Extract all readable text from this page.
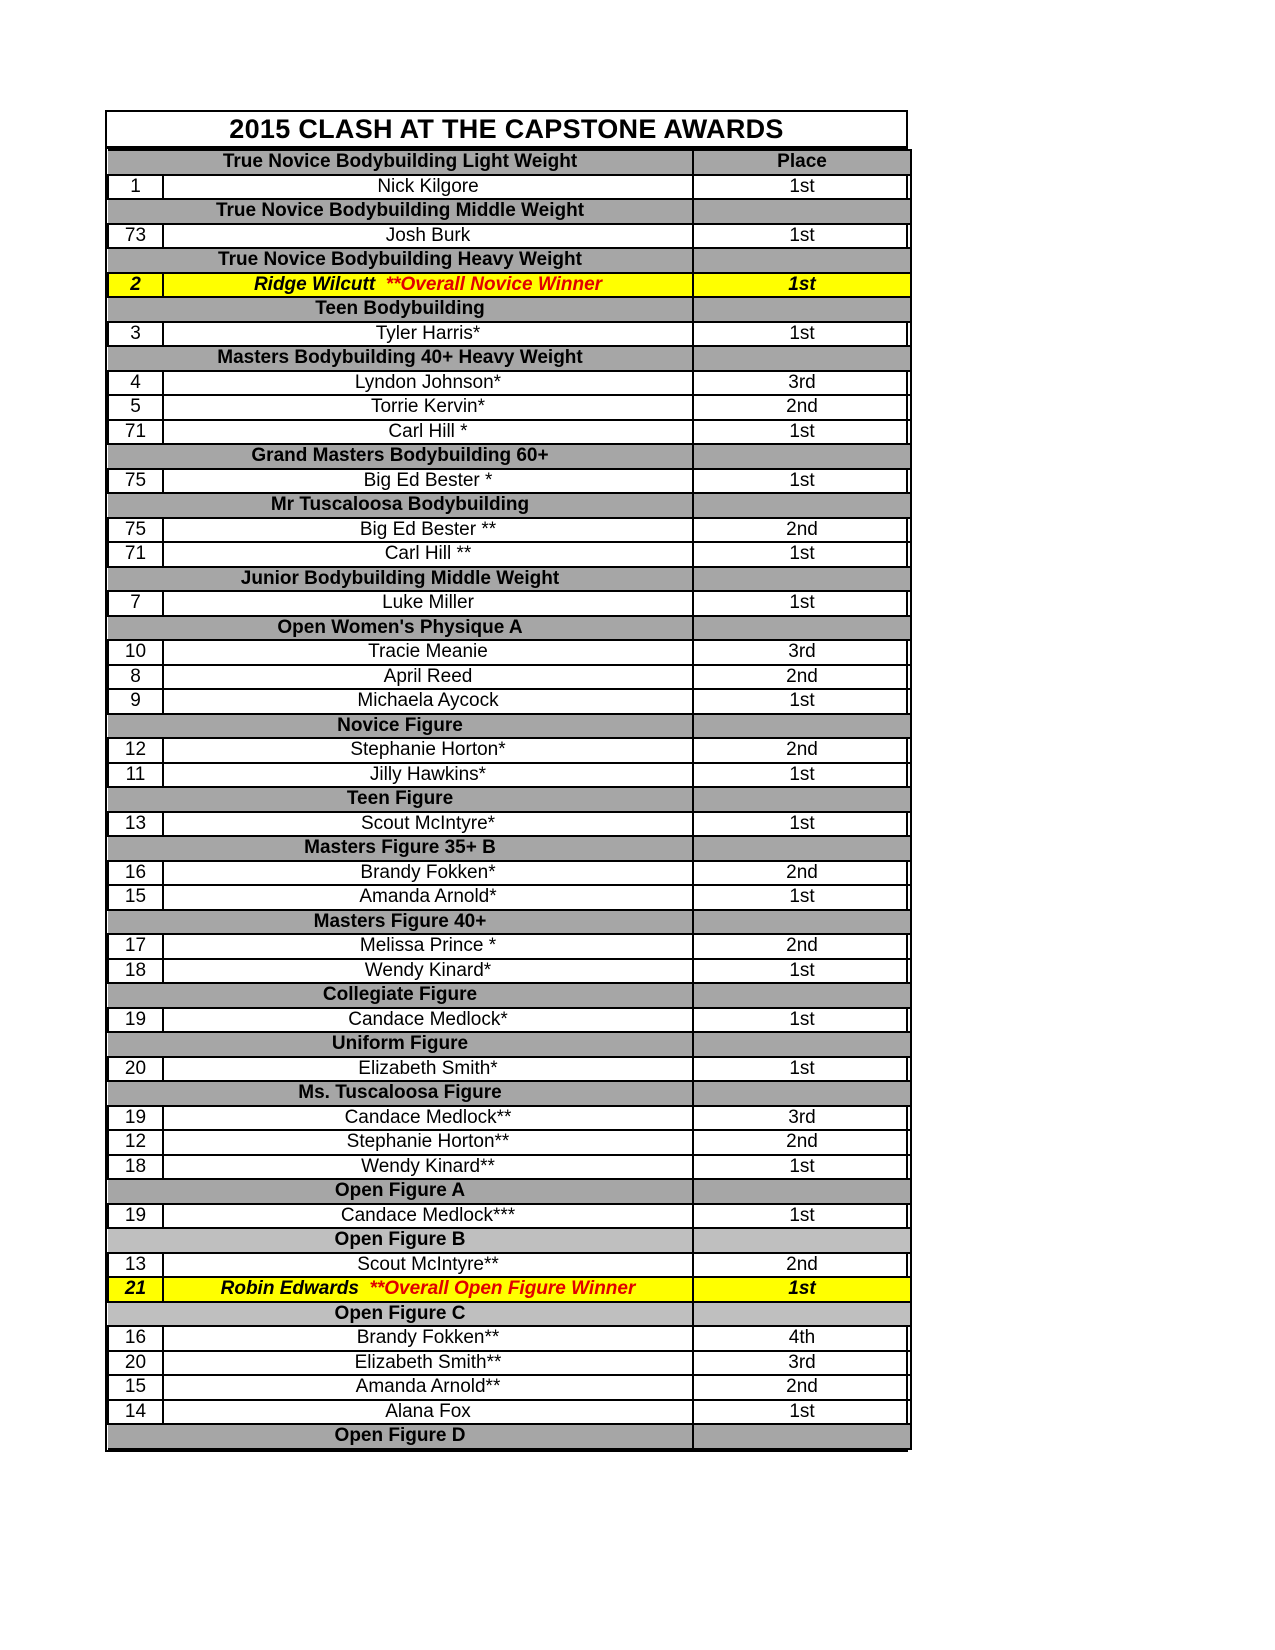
2015 CLASH AT THE CAPSTONE AWARDS
True Novice Bodybuilding Light Weight		Place
1	Nick Kilgore	1st
True Novice Bodybuilding Middle Weight		
73	Josh Burk	1st
True Novice Bodybuilding Heavy Weight		
2	Ridge Wilcutt **Overall Novice Winner	1st
Teen Bodybuilding		
3	Tyler Harris*	1st
Masters Bodybuilding 40+ Heavy Weight		
4	Lyndon Johnson*	3rd
5	Torrie Kervin*	2nd
71	Carl Hill *	1st
Grand Masters Bodybuilding 60+		
75	Big Ed Bester *	1st
Mr Tuscaloosa Bodybuilding		
75	Big Ed Bester **	2nd
71	Carl Hill **	1st
Junior Bodybuilding Middle Weight		
7	Luke Miller	1st
Open Women's Physique A		
10	Tracie Meanie	3rd
8	April Reed	2nd
9	Michaela Aycock	1st
Novice Figure		
12	Stephanie Horton*	2nd
11	Jilly Hawkins*	1st
Teen Figure		
13	Scout McIntyre*	1st
Masters Figure 35+ B		
16	Brandy Fokken*	2nd
15	Amanda Arnold*	1st
Masters Figure 40+		
17	Melissa Prince *	2nd
18	Wendy Kinard*	1st
Collegiate Figure		
19	Candace Medlock*	1st
Uniform Figure		
20	Elizabeth Smith*	1st
Ms. Tuscaloosa Figure		
19	Candace Medlock**	3rd
12	Stephanie Horton**	2nd
18	Wendy Kinard**	1st
Open Figure A		
19	Candace Medlock***	1st
Open Figure B		
13	Scout McIntyre**	2nd
21	Robin Edwards **Overall Open Figure Winner	1st
Open Figure C		
16	Brandy Fokken**	4th
20	Elizabeth Smith**	3rd
15	Amanda Arnold**	2nd
14	Alana Fox	1st
Open Figure D		
